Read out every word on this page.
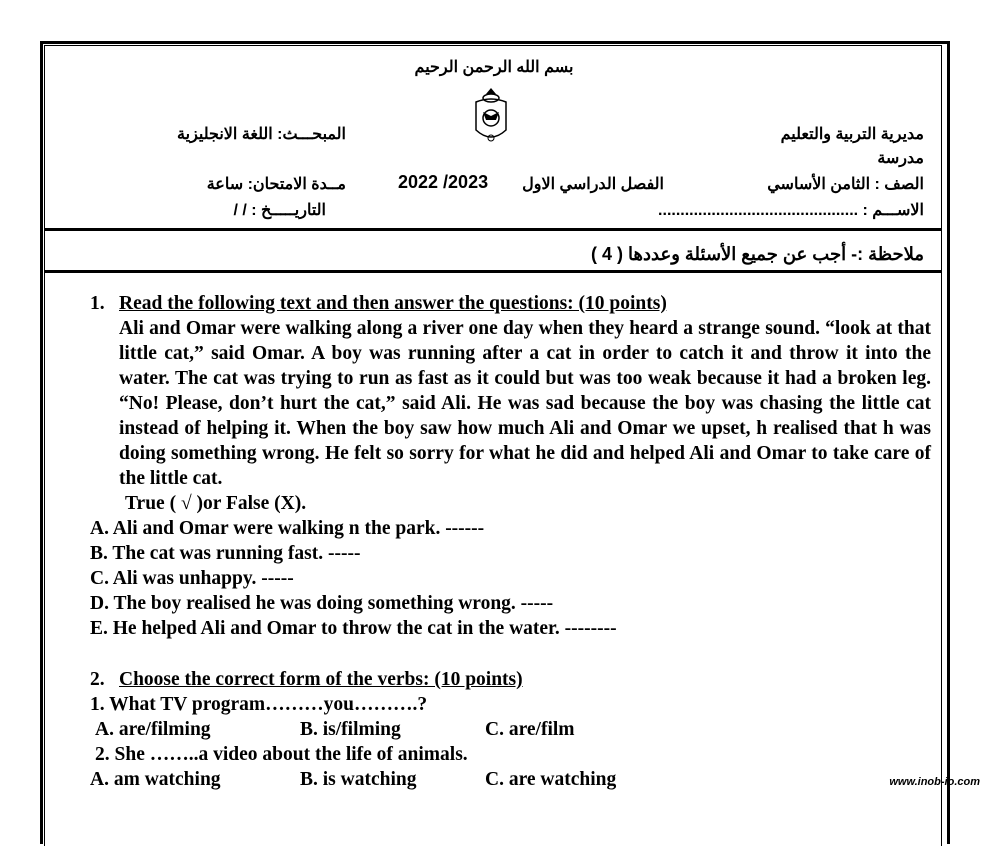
بسم الله الرحمن الرحيم
مديرية التربية والتعليم
مدرسة
المبحـــث: اللغة الانجليزية
الصف : الثامن الأساسي
الفصل الدراسي الاول
2022 /2023
مــدة الامتحان: ساعة
الاســـم : .............................................
التاريـــــخ : / /
ملاحظة :- أجب عن جميع الأسئلة وعددها ( 4 )
1. Read the following text and then answer the questions: (10 points)
Ali and Omar were walking along a river one day when they heard a strange sound. “look at that little cat,” said Omar. A boy was running after a cat in order to catch it and throw it into the water. The cat was trying to run as fast as it could but was too weak because it had a broken leg. “No! Please, don’t hurt the cat,” said Ali. He was sad because the boy was chasing the little cat instead of helping it. When the boy saw how much Ali and Omar we upset, h realised that h was doing something wrong. He felt so sorry for what he did and helped Ali and Omar to take care of the little cat.
True ( √ )or False (X).
A. Ali and Omar were walking n the park. ------
B. The cat was running fast. -----
C. Ali was unhappy. -----
D. The boy realised he was doing something wrong. -----
E. He helped Ali and Omar to throw the cat in the water. --------
2. Choose the correct form of the verbs: (10 points)
1. What TV program………you……….?
A. are/filming	B. is/filming	C. are/film
2. She ……..a video about the life of animals.
A. am watching	B. is watching	C. are watching	www.inob-io.com
